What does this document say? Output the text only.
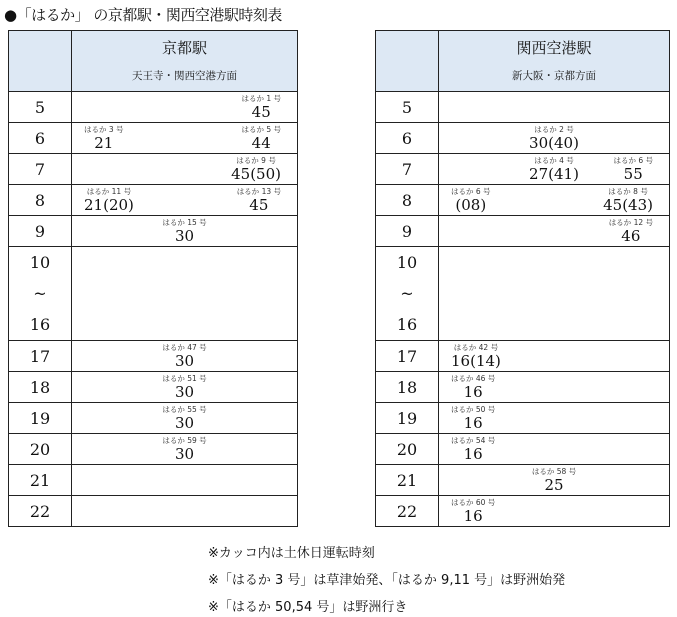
●「はるか」 の京都駅・関西空港駅時刻表

	京都駅
天王寺・関西空港方面

5	はるか 1 号
45

6	はるか 3 号
21
はるか 5 号
44

7	はるか 9 号
45(50)

8	はるか 11 号
21(20)
はるか 13 号
45

9	はるか 15 号
30

10
~
16	

17	はるか 47 号
30

18	はるか 51 号
30

19	はるか 55 号
30

20	はるか 59 号
30

21	
22	

	関西空港駅
新大阪・京都方面

5	
6	はるか 2 号
30(40)

7	はるか 4 号
27(41)
はるか 6 号
55

8	はるか 6 号
(08)
はるか 8 号
45(43)

9	はるか 12 号
46

10
~
16	

17	はるか 42 号
16(14)

18	はるか 46 号
16

19	はるか 50 号
16

20	はるか 54 号
16

21	はるか 58 号
25

22	はるか 60 号
16
※カッコ内は土休日運転時刻
※「はるか 3 号」は草津始発、「はるか 9,11 号」は野洲始発
※「はるか 50,54 号」は野洲行き
